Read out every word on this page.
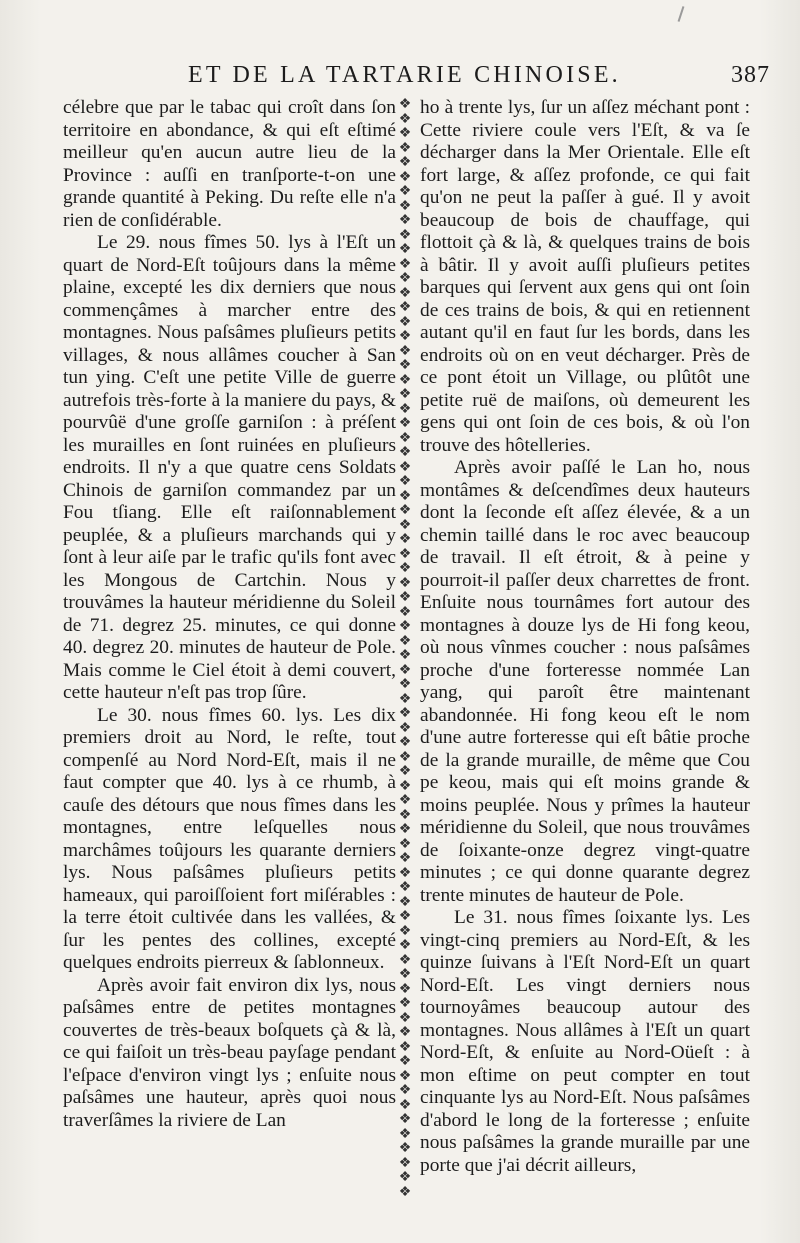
ET DE LA TARTARIE CHINOISE.	387

célebre que par le tabac qui croît dans ſon territoire en abondance, & qui eſt eſtimé meilleur qu'en aucun autre lieu de la Province : auſſi en tranſporte-t-on une grande quantité à Peking. Du reſte elle n'a rien de conſidérable.

Le 29. nous fîmes 50. lys à l'Eſt un quart de Nord-Eſt toûjours dans la même plaine, excepté les dix derniers que nous commençâmes à marcher entre des montagnes. Nous paſsâmes pluſieurs petits villages, & nous allâmes coucher à San tun ying. C'eſt une petite Ville de guerre autrefois très-forte à la maniere du pays, & pourvûë d'une groſſe garniſon : à préſent les murailles en ſont ruinées en pluſieurs endroits. Il n'y a que quatre cens Soldats Chinois de garniſon commandez par un Fou tſiang. Elle eſt raiſonnablement peuplée, & a pluſieurs marchands qui y ſont à leur aiſe par le trafic qu'ils font avec les Mongous de Cartchin. Nous y trouvâmes la hauteur méridienne du Soleil de 71. degrez 25. minutes, ce qui donne 40. degrez 20. minutes de hauteur de Pole. Mais comme le Ciel étoit à demi couvert, cette hauteur n'eſt pas trop ſûre.

Le 30. nous fîmes 60. lys. Les dix premiers droit au Nord, le reſte, tout compenſé au Nord Nord-Eſt, mais il ne faut compter que 40. lys à ce rhumb, à cauſe des détours que nous fîmes dans les montagnes, entre leſquelles nous marchâmes toûjours les quarante derniers lys. Nous paſsâmes pluſieurs petits hameaux, qui paroiſſoient fort miſérables : la terre étoit cultivée dans les vallées, & ſur les pentes des collines, excepté quelques endroits pierreux & ſablonneux.

Après avoir fait environ dix lys, nous paſsâmes entre de petites montagnes couvertes de très-beaux boſquets çà & là, ce qui faiſoit un très-beau payſage pendant l'eſpace d'environ vingt lys ; enſuite nous paſsâmes une hauteur, après quoi nous traverſâmes la riviere de Lan

❖
❖
❖
❖
❖
❖
❖
❖
❖
❖
❖
❖
❖
❖
❖
❖
❖
❖
❖
❖
❖
❖
❖
❖
❖
❖
❖
❖
❖
❖
❖
❖
❖
❖
❖
❖
❖
❖
❖
❖
❖
❖
❖
❖
❖
❖
❖
❖
❖
❖
❖
❖
❖
❖
❖
❖
❖
❖
❖
❖
❖
❖
❖
❖
❖
❖
❖
❖
❖
❖
❖
❖
❖
❖
❖
❖

ho à trente lys, ſur un aſſez méchant pont : Cette riviere coule vers l'Eſt, & va ſe décharger dans la Mer Orientale. Elle eſt fort large, & aſſez profonde, ce qui fait qu'on ne peut la paſſer à gué. Il y avoit beaucoup de bois de chauffage, qui flottoit çà & là, & quelques trains de bois à bâtir. Il y avoit auſſi pluſieurs petites barques qui ſervent aux gens qui ont ſoin de ces trains de bois, & qui en retiennent autant qu'il en faut ſur les bords, dans les endroits où on en veut décharger. Près de ce pont étoit un Village, ou plûtôt une petite ruë de maiſons, où demeurent les gens qui ont ſoin de ces bois, & où l'on trouve des hôtelleries.

Après avoir paſſé le Lan ho, nous montâmes & deſcendîmes deux hauteurs dont la ſeconde eſt aſſez élevée, & a un chemin taillé dans le roc avec beaucoup de travail. Il eſt étroit, & à peine y pourroit-il paſſer deux charrettes de front. Enſuite nous tournâmes fort autour des montagnes à douze lys de Hi fong keou, où nous vînmes coucher : nous paſsâmes proche d'une forteresse nommée Lan yang, qui paroît être maintenant abandonnée. Hi fong keou eſt le nom d'une autre forteresse qui eſt bâtie proche de la grande muraille, de même que Cou pe keou, mais qui eſt moins grande & moins peuplée. Nous y prîmes la hauteur méridienne du Soleil, que nous trouvâmes de ſoixante-onze degrez vingt-quatre minutes ; ce qui donne quarante degrez trente minutes de hauteur de Pole.

Le 31. nous fîmes ſoixante lys. Les vingt-cinq premiers au Nord-Eſt, & les quinze ſuivans à l'Eſt Nord-Eſt un quart Nord-Eſt. Les vingt derniers nous tournoyâmes beaucoup autour des montagnes. Nous allâmes à l'Eſt un quart Nord-Eſt, & enſuite au Nord-Oüeſt : à mon eſtime on peut compter en tout cinquante lys au Nord-Eſt. Nous paſsâmes d'abord le long de la forteresse ; enſuite nous paſsâmes la grande muraille par une porte que j'ai décrit ailleurs,
